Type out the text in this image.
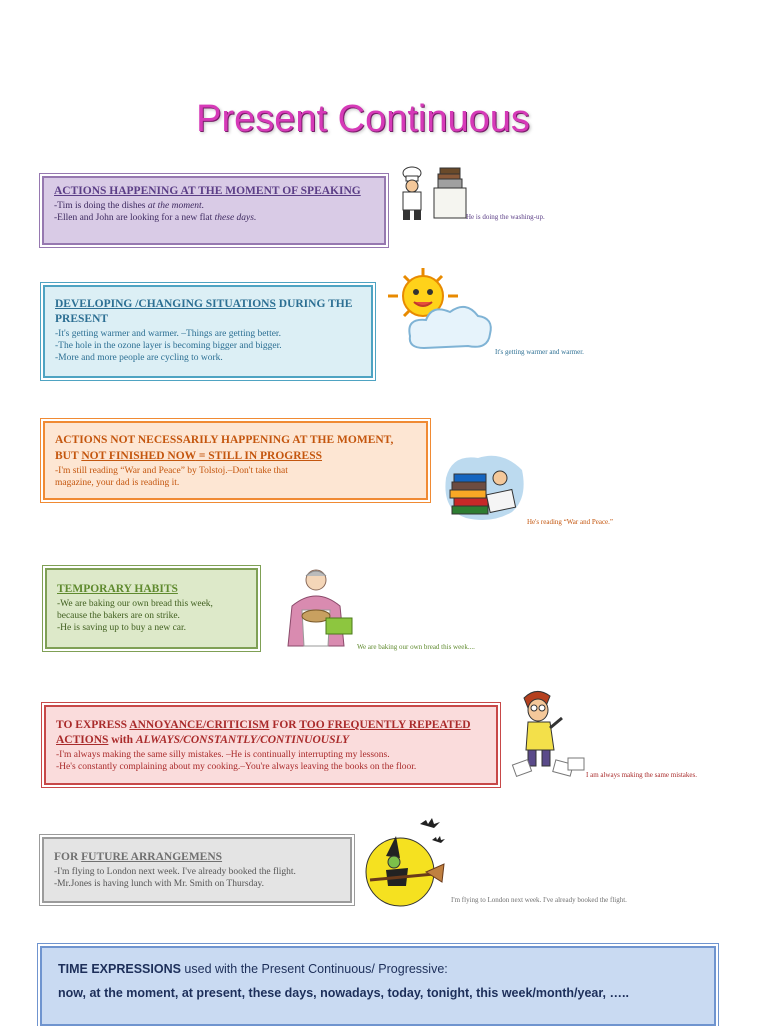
Present Continuous
ACTIONS HAPPENING AT THE MOMENT OF SPEAKING
-Tim is doing the dishes at the moment.
-Ellen and John are looking for a new flat these days.	He is doing the washing-up.
DEVELOPING /CHANGING SITUATIONS DURING THE PRESENT
-It's getting warmer and warmer. –Things are getting better.
-The hole in the ozone layer is becoming bigger and bigger.
-More and more people are cycling to work.
It's getting warmer and warmer.
ACTIONS NOT NECESSARILY HAPPENING AT THE MOMENT,
BUT NOT FINISHED NOW = STILL IN PROGRESS
-I'm still reading “War and Peace” by Tolstoj.–Don't take that
magazine, your dad is reading it.
He's reading “War and Peace.”
TEMPORARY HABITS
-We are baking our own bread this week,
because the bakers are on strike.
-He is saving up to buy a new car.
We are baking our own bread this week....
TO EXPRESS ANNOYANCE/CRITICISM FOR TOO FREQUENTLY REPEATED ACTIONS with ALWAYS/CONSTANTLY/CONTINUOUSLY
-I'm always making the same silly mistakes. –He is continually interrupting my lessons.
-He's constantly complaining about my cooking.–You're always leaving the books on the floor.
I am always making the same mistakes.
FOR FUTURE ARRANGEMENS
-I'm flying to London next week. I've already booked the flight.
-Mr.Jones is having lunch with Mr. Smith on Thursday.
I'm flying to London next week. I've already booked the flight.
TIME EXPRESSIONS used with the Present Continuous/ Progressive:
now, at the moment, at present, these days, nowadays, today, tonight, this week/month/year, …..
